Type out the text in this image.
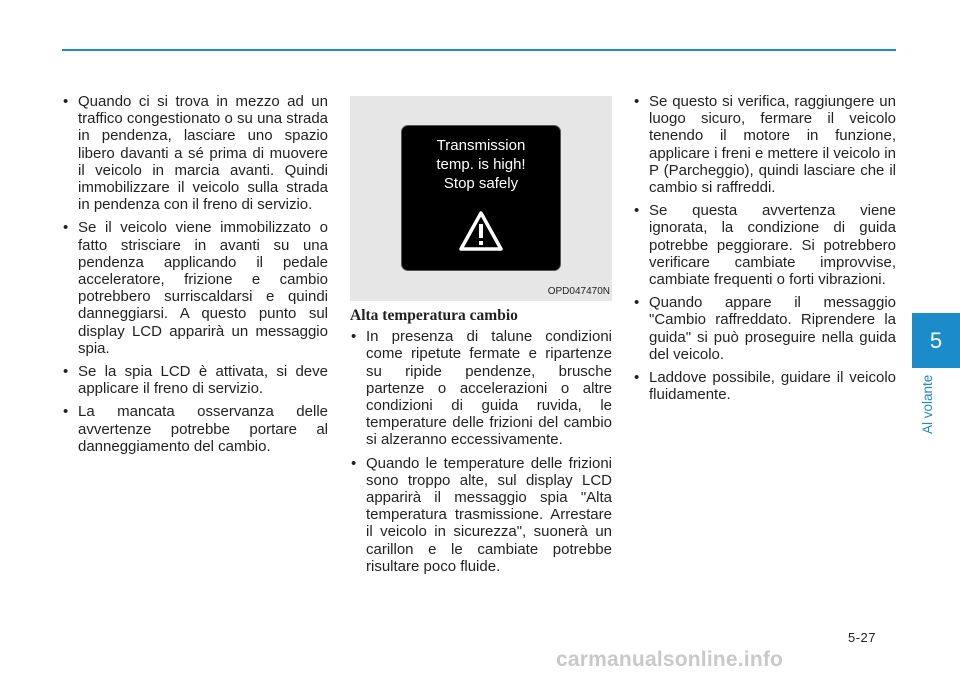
• Quando ci si trova in mezzo ad un traffico congestionato o su una strada in pendenza, lasciare uno spazio libero davanti a sé prima di muovere il veicolo in marcia avanti. Quindi immobilizzare il veicolo sulla strada in pendenza con il freno di servizio.
• Se il veicolo viene immobilizzato o fatto strisciare in avanti su una pendenza applicando il pedale acceleratore, frizione e cambio potrebbero surriscaldarsi e quindi danneggiarsi. A questo punto sul display LCD apparirà un messaggio spia.
• Se la spia LCD è attivata, si deve applicare il freno di servizio.
• La mancata osservanza delle avvertenze potrebbe portare al danneggiamento del cambio.
Transmission
temp. is high!
Stop safely
OPD047470N
Alta temperatura cambio
• In presenza di talune condizioni come ripetute fermate e ripartenze su ripide pendenze, brusche partenze o accelerazioni o altre condizioni di guida ruvida, le temperature delle frizioni del cambio si alzeranno eccessivamente.
• Quando le temperature delle frizioni sono troppo alte, sul display LCD apparirà il messaggio spia "Alta temperatura trasmissione. Arrestare il veicolo in sicurezza", suonerà un carillon e le cambiate potrebbe risultare poco fluide.
• Se questo si verifica, raggiungere un luogo sicuro, fermare il veicolo tenendo il motore in funzione, applicare i freni e mettere il veicolo in P (Parcheggio), quindi lasciare che il cambio si raffreddi.
• Se questa avvertenza viene ignorata, la condizione di guida potrebbe peggiorare. Si potrebbero verificare cambiate improvvise, cambiate frequenti o forti vibrazioni.
• Quando appare il messaggio "Cambio raffreddato. Riprendere la guida" si può proseguire nella guida del veicolo.
• Laddove possibile, guidare il veicolo fluidamente.
5
Al volante
5-27
carmanualsonline.info
